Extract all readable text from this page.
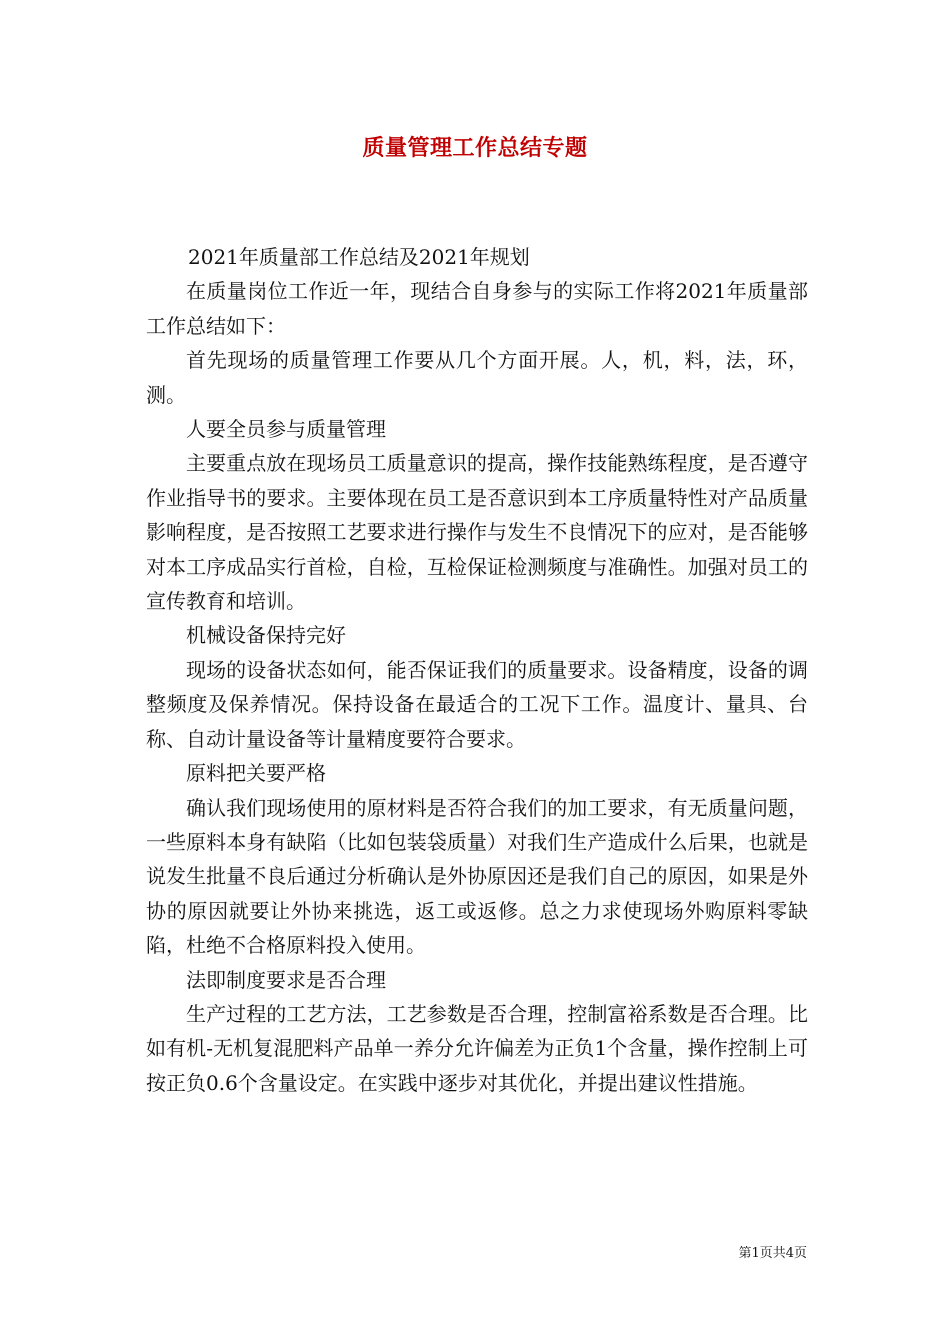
质量管理工作总结专题

2021年质量部工作总结及2021年规划

在质量岗位工作近一年，现结合自身参与的实际工作将2021年质量部工作总结如下：

首先现场的质量管理工作要从几个方面开展。人，机，料，法，环，测。

人要全员参与质量管理

主要重点放在现场员工质量意识的提高，操作技能熟练程度，是否遵守作业指导书的要求。主要体现在员工是否意识到本工序质量特性对产品质量影响程度，是否按照工艺要求进行操作与发生不良情况下的应对，是否能够对本工序成品实行首检，自检，互检保证检测频度与准确性。加强对员工的宣传教育和培训。

机械设备保持完好

现场的设备状态如何，能否保证我们的质量要求。设备精度，设备的调整频度及保养情况。保持设备在最适合的工况下工作。温度计、量具、台称、自动计量设备等计量精度要符合要求。

原料把关要严格

确认我们现场使用的原材料是否符合我们的加工要求，有无质量问题，一些原料本身有缺陷（比如包装袋质量）对我们生产造成什么后果，也就是说发生批量不良后通过分析确认是外协原因还是我们自己的原因，如果是外协的原因就要让外协来挑选，返工或返修。总之力求使现场外购原料零缺陷，杜绝不合格原料投入使用。

法即制度要求是否合理

生产过程的工艺方法，工艺参数是否合理，控制富裕系数是否合理。比如有机-无机复混肥料产品单一养分允许偏差为正负1个含量，操作控制上可按正负0.6个含量设定。在实践中逐步对其优化，并提出建议性措施。

第1页共4页
